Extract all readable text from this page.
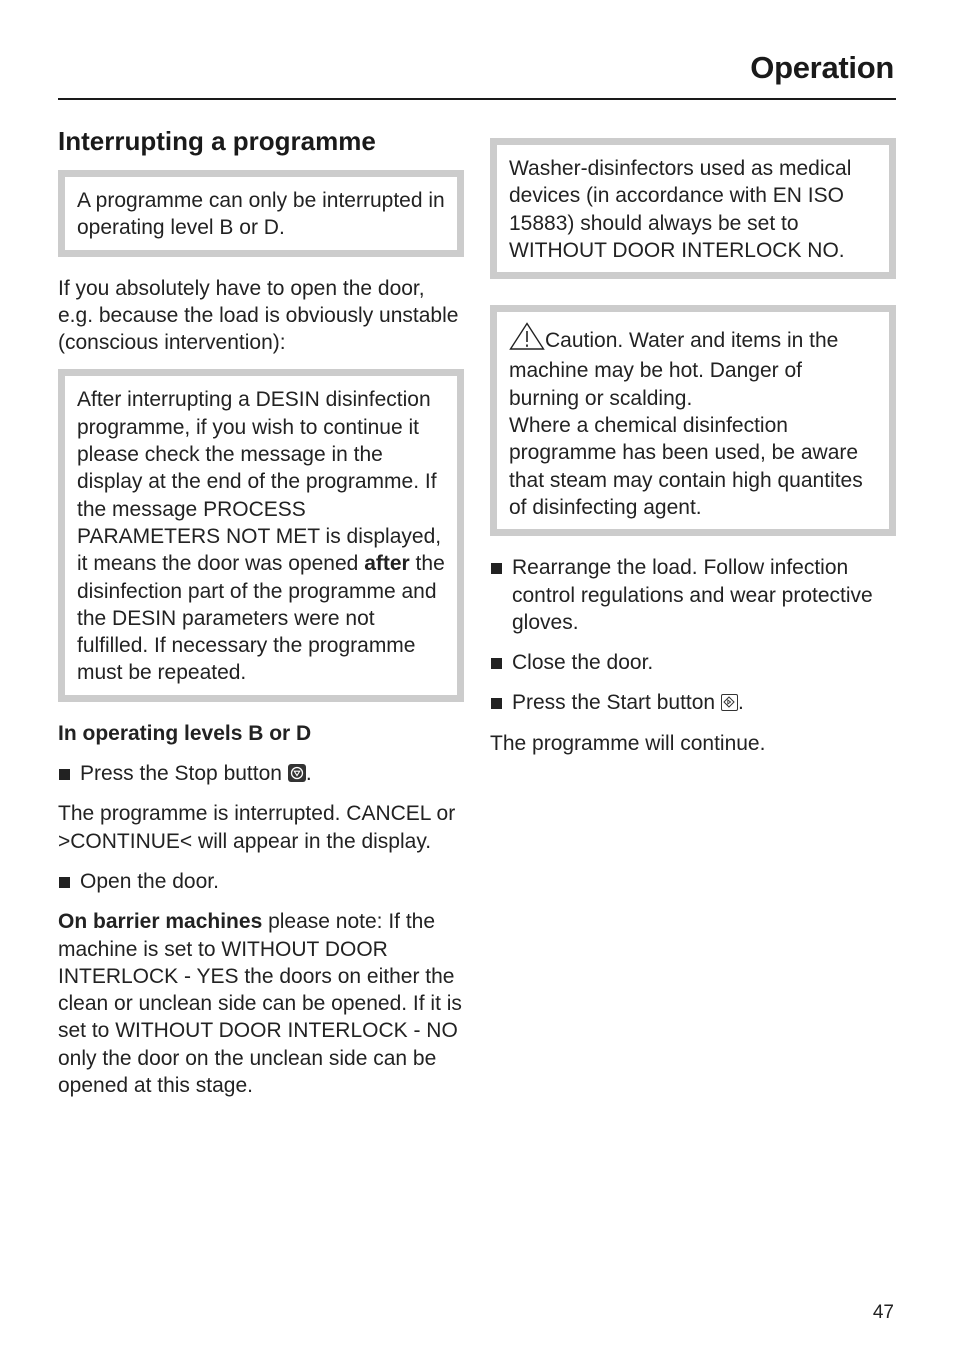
Operation
Interrupting a programme

A programme can only be interrupted in operating level B or D.

If you absolutely have to open the door, e.g. because the load is obviously unstable (conscious intervention):

After interrupting a DESIN disinfection programme, if you wish to continue it please check the message in the display at the end of the programme. If the message PROCESS PARAMETERS NOT MET is displayed, it means the door was opened after the disinfection part of the programme and the DESIN parameters were not fulfilled. If necessary the programme must be repeated.

In operating levels B or D
Press the Stop button .

The programme is interrupted. CANCEL or >CONTINUE< will appear in the display.

Open the door.

On barrier machines please note: If the machine is set to WITHOUT DOOR INTERLOCK - YES the doors on either the clean or unclean side can be opened. If it is set to WITHOUT DOOR INTERLOCK - NO only the door on the unclean side can be opened at this stage.

Washer-disinfectors used as medical devices (in accordance with EN ISO 15883) should always be set to WITHOUT DOOR INTERLOCK NO.

Caution. Water and items in the machine may be hot. Danger of burning or scalding.

Where a chemical disinfection programme has been used, be aware that steam may contain high quantites of disinfecting agent.

Rearrange the load. Follow infection control regulations and wear protective gloves.
Close the door.
Press the Start button .

The programme will continue.

47
